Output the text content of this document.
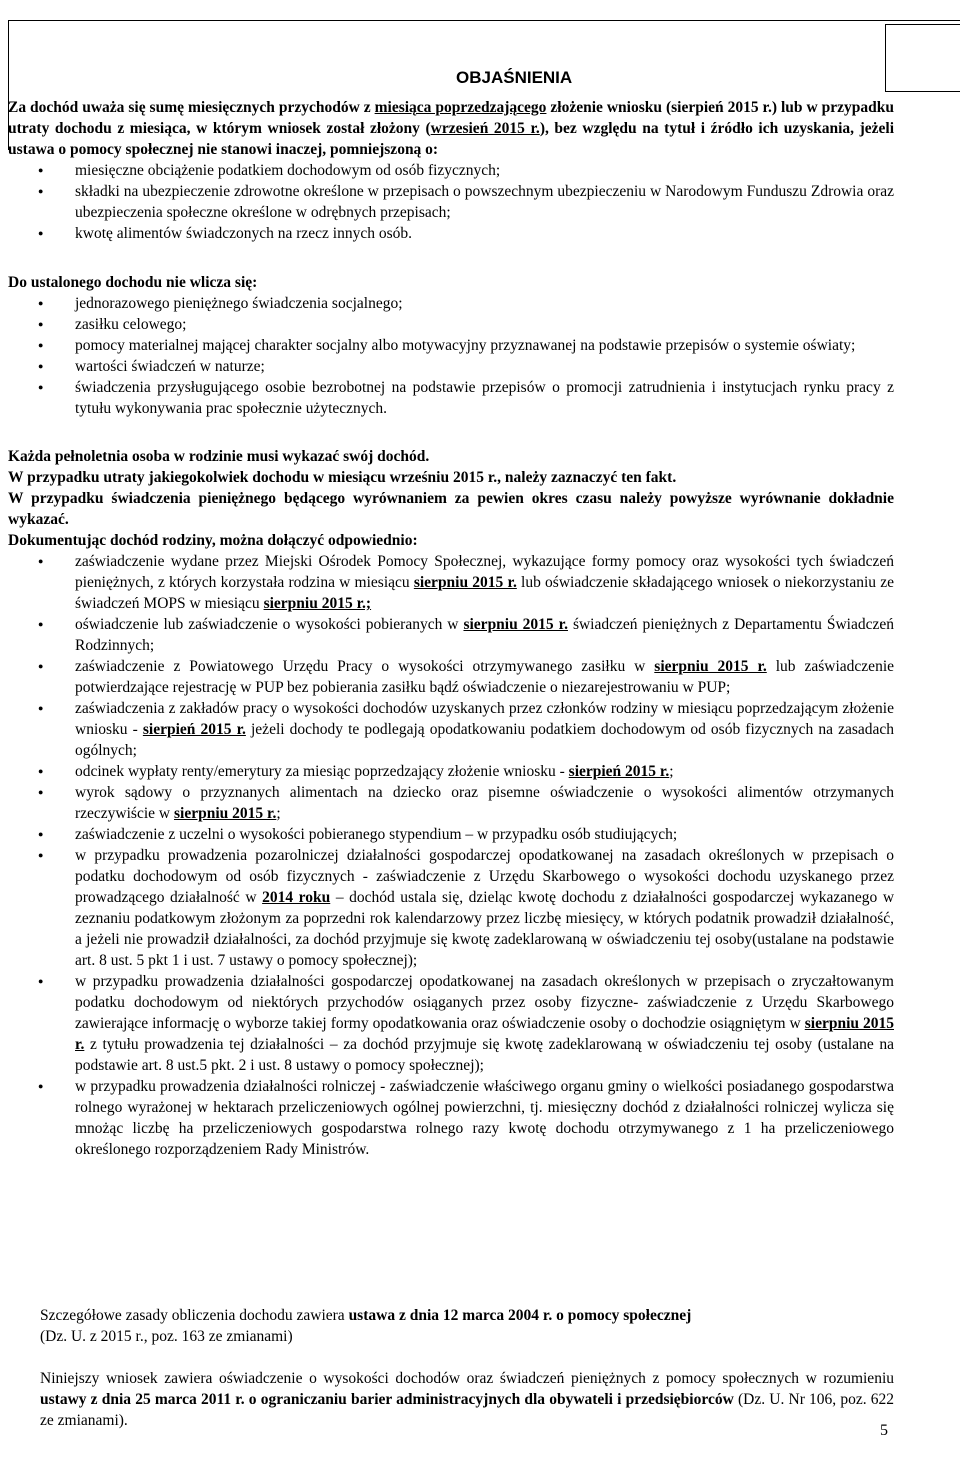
OBJAŚNIENIA
Za dochód uważa się sumę miesięcznych przychodów z miesiąca poprzedzającego złożenie wniosku (sierpień 2015 r.) lub w przypadku utraty dochodu z miesiąca, w którym wniosek został złożony (wrzesień 2015 r.), bez względu na tytuł i źródło ich uzyskania, jeżeli ustawa o pomocy społecznej nie stanowi inaczej, pomniejszoną o:
● miesięczne obciążenie podatkiem dochodowym od osób fizycznych;
● składki na ubezpieczenie zdrowotne określone w przepisach o powszechnym ubezpieczeniu w Narodowym Funduszu Zdrowia oraz ubezpieczenia społeczne określone w odrębnych przepisach;
● kwotę alimentów świadczonych na rzecz innych osób.
Do ustalonego dochodu nie wlicza się:
● jednorazowego pieniężnego świadczenia socjalnego;
● zasiłku celowego;
● pomocy materialnej mającej charakter socjalny albo motywacyjny przyznawanej na podstawie przepisów o systemie oświaty;
● wartości świadczeń w naturze;
● świadczenia przysługującego osobie bezrobotnej na podstawie przepisów o promocji zatrudnienia i instytucjach rynku pracy z tytułu wykonywania prac społecznie użytecznych.
Każda pełnoletnia osoba w rodzinie musi wykazać swój dochód.
W przypadku utraty jakiegokolwiek dochodu w miesiącu wrześniu 2015 r., należy zaznaczyć ten fakt.
W przypadku świadczenia pieniężnego będącego wyrównaniem za pewien okres czasu należy powyższe wyrównanie dokładnie wykazać.
Dokumentując dochód rodziny, można dołączyć odpowiednio:
● zaświadczenie wydane przez Miejski Ośrodek Pomocy Społecznej, wykazujące formy pomocy oraz wysokości tych świadczeń pieniężnych, z których korzystała rodzina w miesiącu sierpniu 2015 r. lub oświadczenie składającego wniosek o niekorzystaniu ze świadczeń MOPS w miesiącu sierpniu 2015 r.;
● oświadczenie lub zaświadczenie o wysokości pobieranych w sierpniu 2015 r. świadczeń pieniężnych z Departamentu Świadczeń Rodzinnych;
● zaświadczenie z Powiatowego Urzędu Pracy o wysokości otrzymywanego zasiłku w sierpniu 2015 r. lub zaświadczenie potwierdzające rejestrację w PUP bez pobierania zasiłku bądź oświadczenie o niezarejestrowaniu w PUP;
● zaświadczenia z zakładów pracy o wysokości dochodów uzyskanych przez członków rodziny w miesiącu poprzedzającym złożenie wniosku - sierpień 2015 r. jeżeli dochody te podlegają opodatkowaniu podatkiem dochodowym od osób fizycznych na zasadach ogólnych;
● odcinek wypłaty renty/emerytury za miesiąc poprzedzający złożenie wniosku - sierpień 2015 r.;
● wyrok sądowy o przyznanych alimentach na dziecko oraz pisemne oświadczenie o wysokości alimentów otrzymanych rzeczywiście w sierpniu 2015 r.;
● zaświadczenie z uczelni o wysokości pobieranego stypendium – w przypadku osób studiujących;
● w przypadku prowadzenia pozarolniczej działalności gospodarczej opodatkowanej na zasadach określonych w przepisach o podatku dochodowym od osób fizycznych - zaświadczenie z Urzędu Skarbowego o wysokości dochodu uzyskanego przez prowadzącego działalność w 2014 roku – dochód ustala się, dzieląc kwotę dochodu z działalności gospodarczej wykazanego w zeznaniu podatkowym złożonym za poprzedni rok kalendarzowy przez liczbę miesięcy, w których podatnik prowadził działalność, a jeżeli nie prowadził działalności, za dochód przyjmuje się kwotę zadeklarowaną w oświadczeniu tej osoby(ustalane na podstawie art. 8 ust. 5 pkt 1 i ust. 7 ustawy o pomocy społecznej);
● w przypadku prowadzenia działalności gospodarczej opodatkowanej na zasadach określonych w przepisach o zryczałtowanym podatku dochodowym od niektórych przychodów osiąganych przez osoby fizyczne- zaświadczenie z Urzędu Skarbowego zawierające informację o wyborze takiej formy opodatkowania oraz oświadczenie osoby o dochodzie osiągniętym w sierpniu 2015 r. z tytułu prowadzenia tej działalności – za dochód przyjmuje się kwotę zadeklarowaną w oświadczeniu tej osoby (ustalane na podstawie art. 8 ust.5 pkt. 2 i ust. 8 ustawy o pomocy społecznej);
● w przypadku prowadzenia działalności rolniczej - zaświadczenie właściwego organu gminy o wielkości posiadanego gospodarstwa rolnego wyrażonej w hektarach przeliczeniowych ogólnej powierzchni, tj. miesięczny dochód z działalności rolniczej wylicza się mnożąc liczbę ha przeliczeniowych gospodarstwa rolnego razy kwotę dochodu otrzymywanego z 1 ha przeliczeniowego określonego rozporządzeniem Rady Ministrów.
Szczegółowe zasady obliczenia dochodu zawiera ustawa z dnia 12 marca 2004 r. o pomocy społecznej
(Dz. U. z 2015 r., poz. 163 ze zmianami)
Niniejszy wniosek zawiera oświadczenie o wysokości dochodów oraz świadczeń pieniężnych z pomocy społecznych w rozumieniu ustawy z dnia 25 marca 2011 r. o ograniczaniu barier administracyjnych dla obywateli i przedsiębiorców (Dz. U. Nr 106, poz. 622 ze zmianami).
5
